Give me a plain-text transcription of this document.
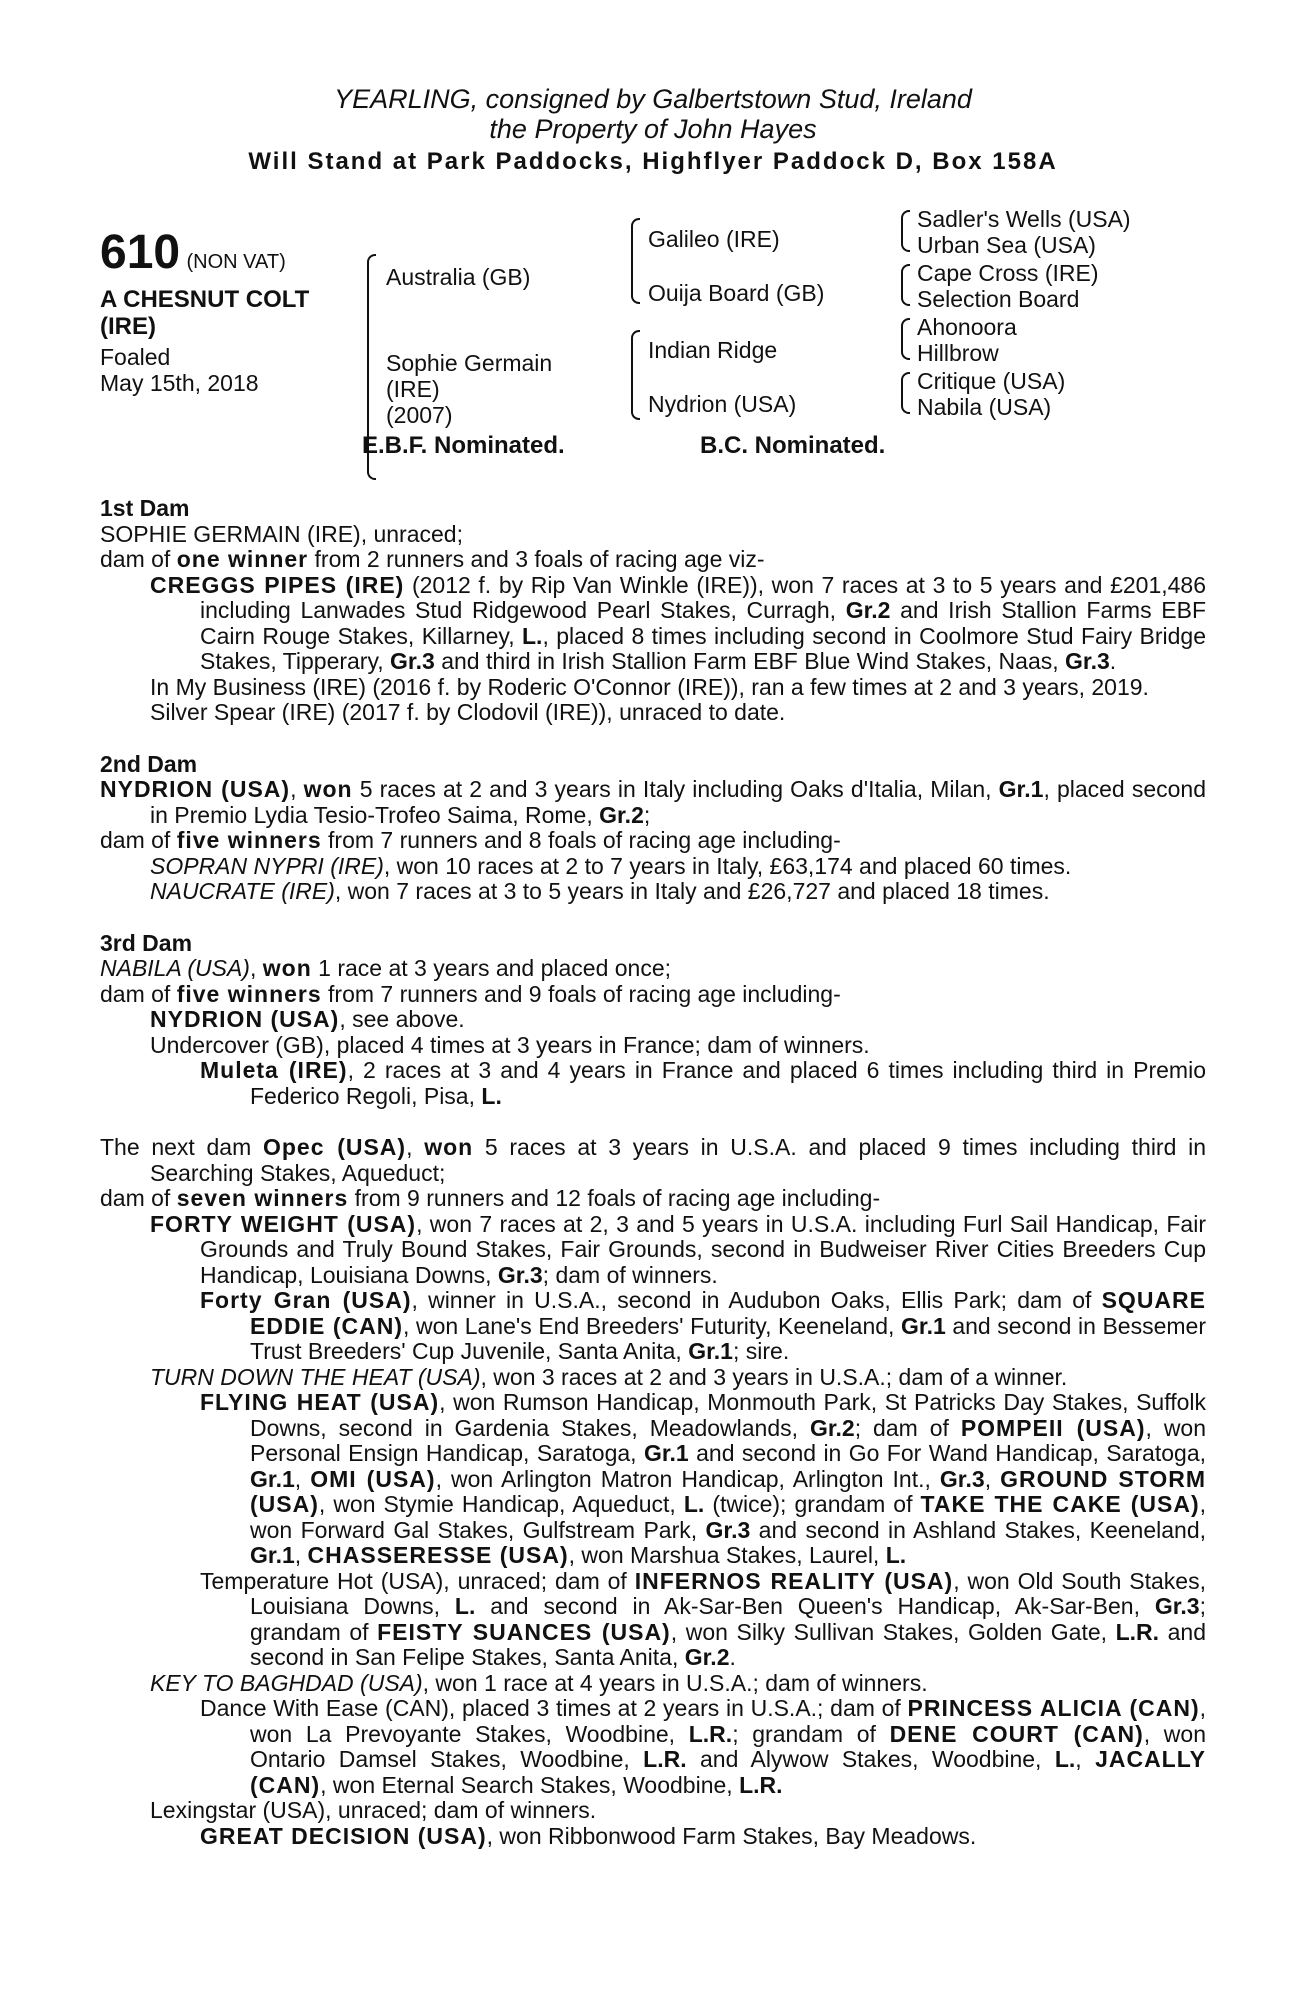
YEARLING, consigned by Galbertstown Stud, Ireland
the Property of John Hayes
Will Stand at Park Paddocks, Highflyer Paddock D, Box 158A
610 (NON VAT)
A CHESNUT COLT
(IRE)
Foaled
May 15th, 2018
Australia (GB)
Sophie Germain
(IRE)
(2007)
Galileo (IRE)
Ouija Board (GB)
Indian Ridge
Nydrion (USA)
Sadler's Wells (USA)
Urban Sea (USA)
Cape Cross (IRE)
Selection Board
Ahonoora
Hillbrow
Critique (USA)
Nabila (USA)
E.B.F. Nominated.	B.C. Nominated.
1st Dam

SOPHIE GERMAIN (IRE), unraced;

dam of one winner from 2 runners and 3 foals of racing age viz-

CREGGS PIPES (IRE) (2012 f. by Rip Van Winkle (IRE)), won 7 races at 3 to 5 years and £201,486 including Lanwades Stud Ridgewood Pearl Stakes, Curragh, Gr.2 and Irish Stallion Farms EBF Cairn Rouge Stakes, Killarney, L., placed 8 times including second in Coolmore Stud Fairy Bridge Stakes, Tipperary, Gr.3 and third in Irish Stallion Farm EBF Blue Wind Stakes, Naas, Gr.3.

In My Business (IRE) (2016 f. by Roderic O'Connor (IRE)), ran a few times at 2 and 3 years, 2019.

Silver Spear (IRE) (2017 f. by Clodovil (IRE)), unraced to date.

2nd Dam

NYDRION (USA), won 5 races at 2 and 3 years in Italy including Oaks d'Italia, Milan, Gr.1, placed second in Premio Lydia Tesio-Trofeo Saima, Rome, Gr.2;

dam of five winners from 7 runners and 8 foals of racing age including-

SOPRAN NYPRI (IRE), won 10 races at 2 to 7 years in Italy, £63,174 and placed 60 times.

NAUCRATE (IRE), won 7 races at 3 to 5 years in Italy and £26,727 and placed 18 times.

3rd Dam

NABILA (USA), won 1 race at 3 years and placed once;

dam of five winners from 7 runners and 9 foals of racing age including-

NYDRION (USA), see above.

Undercover (GB), placed 4 times at 3 years in France; dam of winners.

Muleta (IRE), 2 races at 3 and 4 years in France and placed 6 times including third in Premio Federico Regoli, Pisa, L.

The next dam Opec (USA), won 5 races at 3 years in U.S.A. and placed 9 times including third in Searching Stakes, Aqueduct;

dam of seven winners from 9 runners and 12 foals of racing age including-

FORTY WEIGHT (USA), won 7 races at 2, 3 and 5 years in U.S.A. including Furl Sail Handicap, Fair Grounds and Truly Bound Stakes, Fair Grounds, second in Budweiser River Cities Breeders Cup Handicap, Louisiana Downs, Gr.3; dam of winners.

Forty Gran (USA), winner in U.S.A., second in Audubon Oaks, Ellis Park; dam of SQUARE EDDIE (CAN), won Lane's End Breeders' Futurity, Keeneland, Gr.1 and second in Bessemer Trust Breeders' Cup Juvenile, Santa Anita, Gr.1; sire.

TURN DOWN THE HEAT (USA), won 3 races at 2 and 3 years in U.S.A.; dam of a winner.

FLYING HEAT (USA), won Rumson Handicap, Monmouth Park, St Patricks Day Stakes, Suffolk Downs, second in Gardenia Stakes, Meadowlands, Gr.2; dam of POMPEII (USA), won Personal Ensign Handicap, Saratoga, Gr.1 and second in Go For Wand Handicap, Saratoga, Gr.1, OMI (USA), won Arlington Matron Handicap, Arlington Int., Gr.3, GROUND STORM (USA), won Stymie Handicap, Aqueduct, L. (twice); grandam of TAKE THE CAKE (USA), won Forward Gal Stakes, Gulfstream Park, Gr.3 and second in Ashland Stakes, Keeneland, Gr.1, CHASSERESSE (USA), won Marshua Stakes, Laurel, L.

Temperature Hot (USA), unraced; dam of INFERNOS REALITY (USA), won Old South Stakes, Louisiana Downs, L. and second in Ak-Sar-Ben Queen's Handicap, Ak-Sar-Ben, Gr.3; grandam of FEISTY SUANCES (USA), won Silky Sullivan Stakes, Golden Gate, L.R. and second in San Felipe Stakes, Santa Anita, Gr.2.

KEY TO BAGHDAD (USA), won 1 race at 4 years in U.S.A.; dam of winners.

Dance With Ease (CAN), placed 3 times at 2 years in U.S.A.; dam of PRINCESS ALICIA (CAN), won La Prevoyante Stakes, Woodbine, L.R.; grandam of DENE COURT (CAN), won Ontario Damsel Stakes, Woodbine, L.R. and Alywow Stakes, Woodbine, L., JACALLY (CAN), won Eternal Search Stakes, Woodbine, L.R.

Lexingstar (USA), unraced; dam of winners.

GREAT DECISION (USA), won Ribbonwood Farm Stakes, Bay Meadows.
